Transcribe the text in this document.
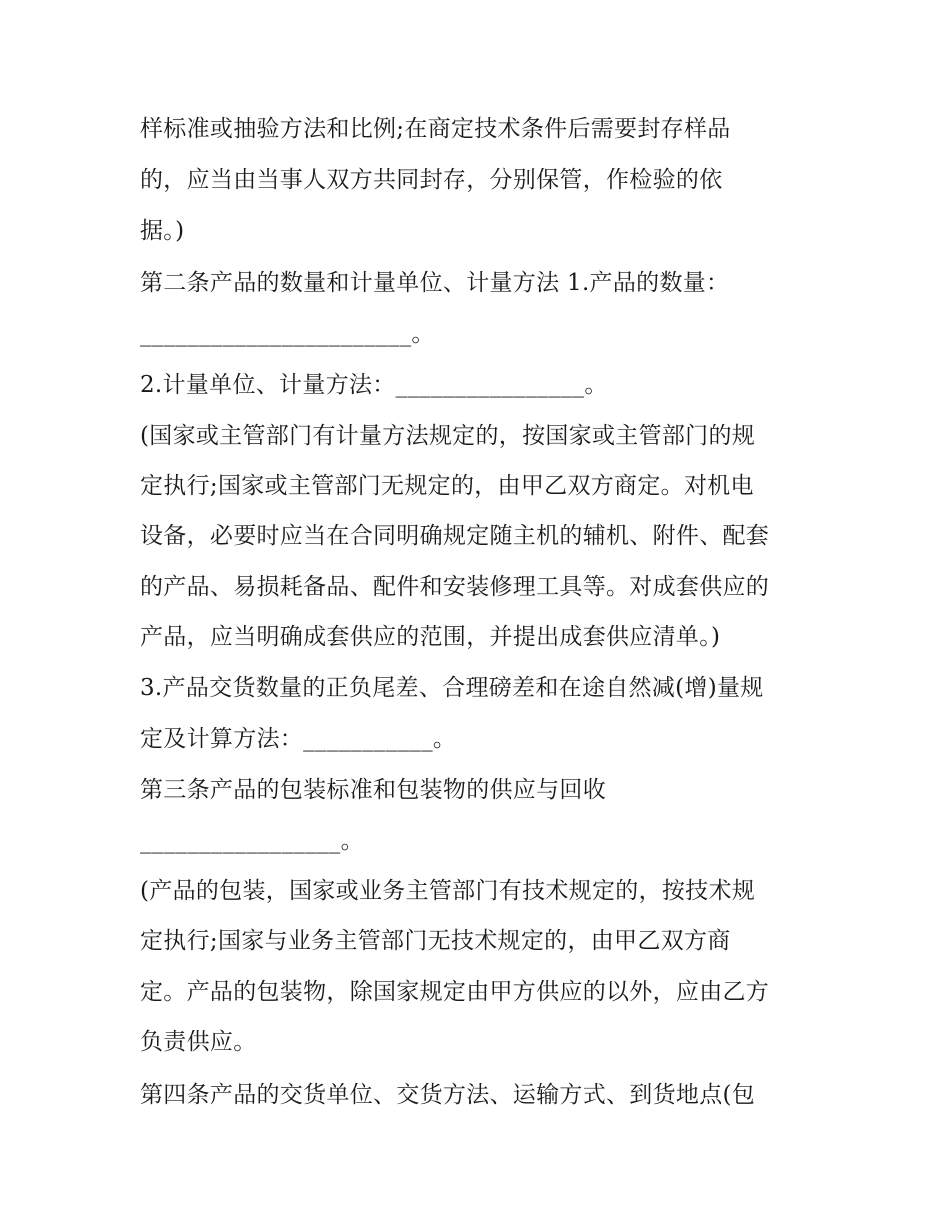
样标准或抽验方法和比例;在商定技术条件后需要封存样品
的，应当由当事人双方共同封存，分别保管，作检验的依
据。)
第二条产品的数量和计量单位、计量方法 1.产品的数量：
_______________________。
2.计量单位、计量方法：________________。
(国家或主管部门有计量方法规定的，按国家或主管部门的规
定执行;国家或主管部门无规定的，由甲乙双方商定。对机电
设备，必要时应当在合同明确规定随主机的辅机、附件、配套
的产品、易损耗备品、配件和安装修理工具等。对成套供应的
产品，应当明确成套供应的范围，并提出成套供应清单。)
3.产品交货数量的正负尾差、合理磅差和在途自然减(增)量规
定及计算方法：___________。
第三条产品的包装标准和包装物的供应与回收
_________________。
(产品的包装，国家或业务主管部门有技术规定的，按技术规
定执行;国家与业务主管部门无技术规定的，由甲乙双方商
定。产品的包装物，除国家规定由甲方供应的以外，应由乙方
负责供应。
第四条产品的交货单位、交货方法、运输方式、到货地点(包
